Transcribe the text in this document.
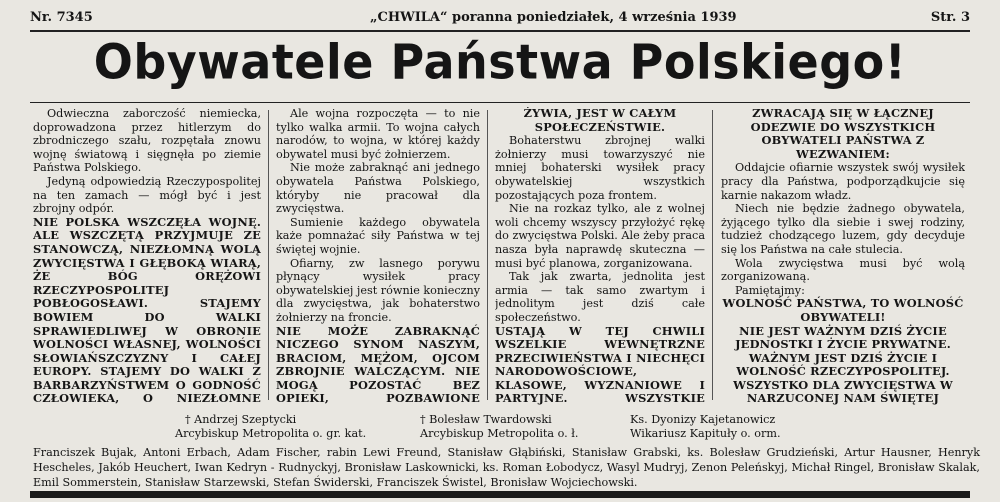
Nr. 7345	„CHWILA“ poranna poniedziałek, 4 września 1939	Str. 3
Obywatele Państwa Polskiego!

Odwieczna zaborczość niemiecka, doprowadzona przez hitlerzym do zbrodniczego szału, rozpętała znowu wojnę światową i sięgnęła po ziemie Państwa Polskiego.

Jedyną odpowiedzią Rzeczypospolitej na ten zamach — mógł być i jest zbrojny odpór.

NIE POLSKA WSZCZĘŁA WOJNĘ. ALE WSZCZĘTĄ PRZYJMUJE ZE STANOWCZĄ, NIEZŁOMNĄ WOLĄ ZWYCIĘSTWA I GŁĘBOKĄ WIARĄ, ŻE BÓG ORĘŻOWI RZECZYPOSPOLITEJ POBŁOGOSŁAWI. STAJEMY BOWIEM DO WALKI SPRAWIEDLIWEJ W OBRONIE WOLNOŚCI WŁASNEJ, WOLNOŚCI SŁOWIAŃSZCZYZNY I CAŁEJ EUROPY. STAJEMY DO WALKI Z BARBARZYŃSTWEM O GODNOŚĆ CZŁOWIEKA, O NIEZŁOMNE

Ale wojna rozpoczęta — to nie tylko walka armii. To wojna całych narodów, to wojna, w której każdy obywatel musi być żołnierzem.

Nie może zabraknąć ani jednego obywatela Państwa Polskiego, któryby nie pracował dla zwycięstwa.

Sumienie każdego obywatela każe pomnażać siły Państwa w tej świętej wojnie.

Ofiarny, zw lasnego porywu płynący wysiłek pracy obywatelskiej jest równie konieczny dla zwycięstwa, jak bohaterstwo żołnierzy na froncie.

NIE MOŻE ZABRAKNĄĆ NICZEGO SYNOM NASZYM, BRACIOM, MĘŻOM, OJCOM ZBROJNIE WALCZĄCYM. NIE MOGĄ POZOSTAĆ BEZ OPIEKI, POZBAWIONE

ŻYWIA, JEST W CAŁYM SPOŁECZEŃSTWIE.

Bohaterstwu zbrojnej walki żołnierzy musi towarzyszyć nie mniej bohaterski wysiłek pracy obywatelskiej wszystkich pozostających poza frontem.

Nie na rozkaz tylko, ale z wolnej woli chcemy wszyscy przyłożyć rękę do zwycięstwa Polski. Ale żeby praca nasza była naprawdę skuteczna — musi być planowa, zorganizowana.

Tak jak zwarta, jednolita jest armia — tak samo zwartym i jednolitym jest dziś całe społeczeństwo.

USTAJĄ W TEJ CHWILI WSZELKIE WEWNĘTRZNE PRZECIWIEŃSTWA I NIECHĘCI NARODOWOŚCIOWE, KLASOWE, WYZNANIOWE I PARTYJNE. WSZYSTKIE

ZWRACAJĄ SIĘ W ŁĄCZNEJ ODEZWIE DO WSZYSTKICH OBYWATELI PAŃSTWA Z WEZWANIEM:

Oddajcie ofiarnie wszystek swój wysiłek pracy dla Państwa, podporządkujcie się karnie nakazom władz.

Niech nie będzie żadnego obywatela, żyjącego tylko dla siebie i swej rodziny, tudzież chodzącego luzem, gdy decyduje się los Państwa na całe stulecia.

Wola zwycięstwa musi być wolą zorganizowaną.

Pamiętajmy:

WOLNOŚĆ PAŃSTWA, TO WOLNOŚĆ OBYWATELI!

NIE JEST WAŻNYM DZIŚ ŻYCIE JEDNOSTKI I ŻYCIE PRYWATNE. WAŻNYM JEST DZIŚ ŻYCIE I WOLNOŚĆ RZECZYPOSPOLITEJ.

WSZYSTKO DLA ZWYCIĘSTWA W NARZUCONEJ NAM ŚWIĘTEJ

† Andrzej Szeptycki
Arcybiskup Metropolita o. gr. kat.
† Bolesław Twardowski
Arcybiskup Metropolita o. ł.
Ks. Dyonizy Kajetanowicz
Wikariusz Kapituły o. orm.
Franciszek Bujak, Antoni Erbach, Adam Fischer, rabin Lewi Freund, Stanisław Głąbiński, Stanisław Grabski, ks. Bolesław Grudzieński, Artur Hausner, Henryk Hescheles, Jakób Heuchert, Iwan Kedryn - Rudnyckyj, Bronisław Laskownicki, ks. Roman Łobodycz, Wasyl Mudryj, Zenon Peleńskyj, Michał Ringel, Bronisław Skalak, Emil Sommerstein, Stanisław Starzewski, Stefan Świderski, Franciszek Świstel, Bronisław Wojciechowski.
